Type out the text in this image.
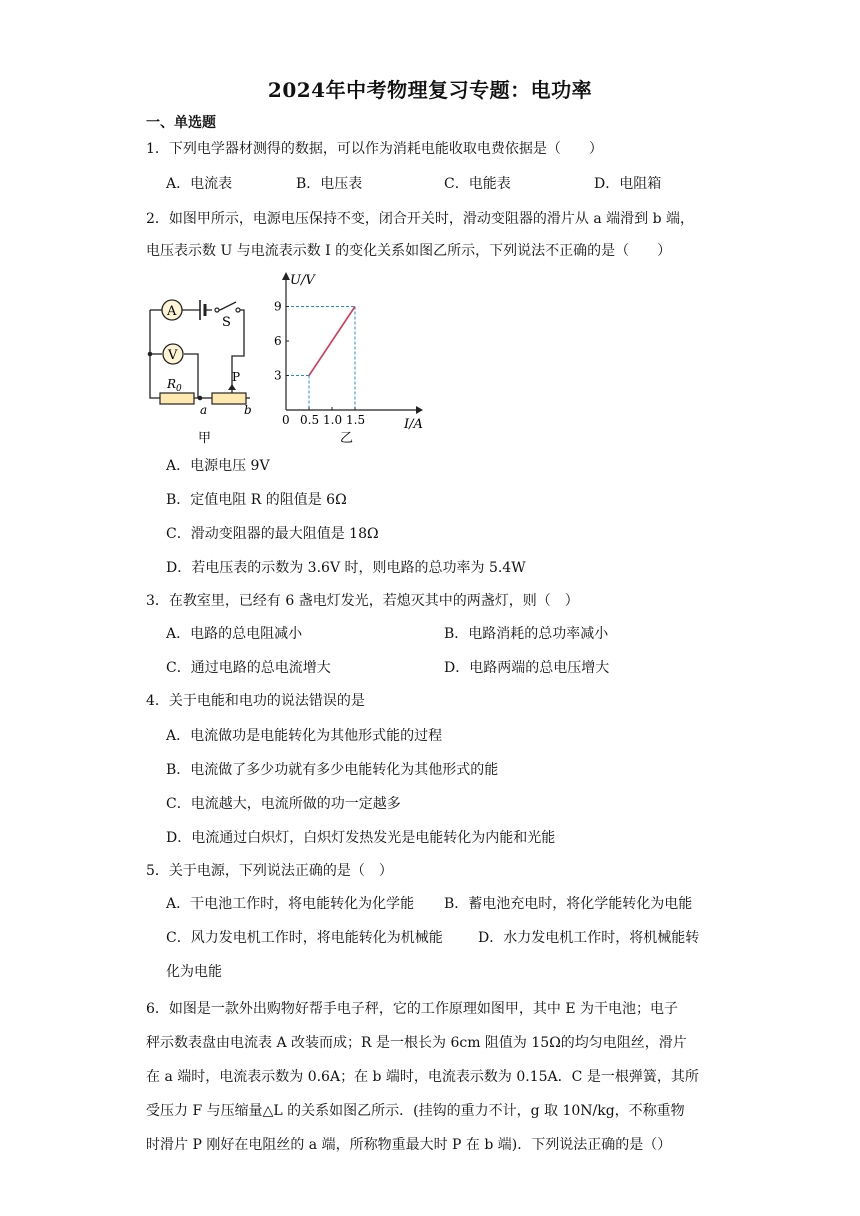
2024年中考物理复习专题：电功率
一、单选题
1．下列电学器材测得的数据，可以作为消耗电能收取电费依据是（　　）
A．电流表	B．电压表	C．电能表	D．电阻箱
2．如图甲所示，电源电压保持不变，闭合开关时，滑动变阻器的滑片从 a 端滑到 b 端，
电压表示数 U 与电流表示数 I 的变化关系如图乙所示，下列说法不正确的是（　　）
S
A
V
$R_0$
a
P
b
甲
U/V
I/A
0 0.5 1.0 1.5
3
6
9
乙
A．电源电压 9V
B．定值电阻 R 的阻值是 6Ω
C．滑动变阻器的最大阻值是 18Ω
D．若电压表的示数为 3.6V 时，则电路的总功率为 5.4W
3．在教室里，已经有 6 盏电灯发光，若熄灭其中的两盏灯，则（　）
A．电路的总电阻减小	B．电路消耗的总功率减小
C．通过电路的总电流增大	D．电路两端的总电压增大
4．关于电能和电功的说法错误的是
A．电流做功是电能转化为其他形式能的过程
B．电流做了多少功就有多少电能转化为其他形式的能
C．电流越大，电流所做的功一定越多
D．电流通过白炽灯，白炽灯发热发光是电能转化为内能和光能
5．关于电源，下列说法正确的是（　）
A．干电池工作时，将电能转化为化学能 B．蓄电池充电时，将化学能转化为电能
C．风力发电机工作时，将电能转化为机械能	D．水力发电机工作时，将机械能转
化为电能
6．如图是一款外出购物好帮手电子秤，它的工作原理如图甲，其中 E 为干电池；电子
秤示数表盘由电流表 A 改装而成；R 是一根长为 6cm 阻值为 15Ω的均匀电阻丝，滑片
在 a 端时，电流表示数为 0.6A；在 b 端时，电流表示数为 0.15A．C 是一根弹簧，其所
受压力 F 与压缩量△L 的关系如图乙所示．(挂钩的重力不计，g 取 10N/kg，不称重物
时滑片 P 刚好在电阻丝的 a 端，所称物重最大时 P 在 b 端)．下列说法正确的是（）
